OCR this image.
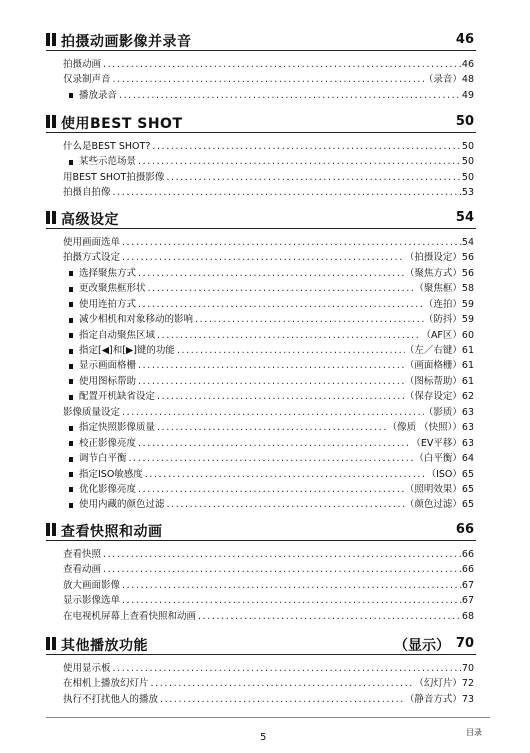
拍摄动画影像并录音	46
拍摄动画 .....	46
仅录制声音 .....	（录音） 48
播放录音 .....	49
使用BEST SHOT	50
什么是BEST SHOT? .....	50
某些示范场景 .....	50
用BEST SHOT拍摄影像 .....	50
拍摄自拍像 .....	53
高级设定	54
使用画面选单 .....	54
拍摄方式设定 .....	（拍摄设定） 56
选择聚焦方式 .....	（聚焦方式） 56
更改聚焦框形状 .....	（聚焦框） 58
使用连拍方式 .....	（连拍） 59
减少相机和对象移动的影响 .....	（防抖） 59
指定自动聚焦区域 .....	（AF区） 60
指定[◀]和[▶]键的功能 .....	（左／右键） 61
显示画面格栅 .....	（画面格栅） 61
使用图标帮助 .....	（图标帮助） 61
配置开机缺省设定 .....	（保存设定） 62
影像质量设定 .....	（影质） 63
指定快照影像质量 .....	（像质 （快照）） 63
校正影像亮度 .....	（EV平移） 63
调节白平衡 .....	（白平衡） 64
指定ISO敏感度 .....	（ISO） 65
优化影像亮度 .....	（照明效果） 65
使用内藏的颜色过滤 .....	（颜色过滤） 65
查看快照和动画	66
查看快照 .....	66
查看动画 .....	66
放大画面影像 .....	67
显示影像选单 .....	67
在电视机屏幕上查看快照和动画 .....	68
其他播放功能	（显示） 70
使用显示板 .....	70
在相机上播放幻灯片 .....	（幻灯片） 72
执行不打扰他人的播放 .....	（静音方式） 73
5	目录
